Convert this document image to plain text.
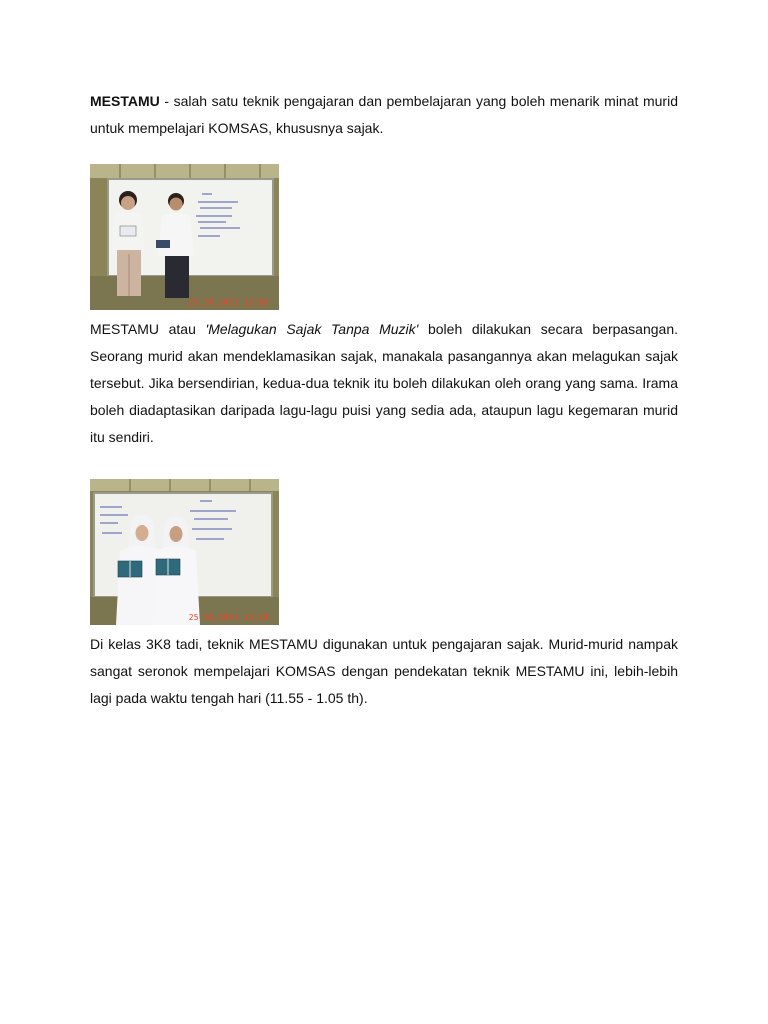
MESTAMU - salah satu teknik pengajaran dan pembelajaran yang boleh menarik minat murid untuk mempelajari KOMSAS, khususnya sajak.

25.10.2011 12:05

MESTAMU atau 'Melagukan Sajak Tanpa Muzik' boleh dilakukan secara berpasangan. Seorang murid akan mendeklamasikan sajak, manakala pasangannya akan melagukan sajak tersebut. Jika bersendirian, kedua-dua teknik itu boleh dilakukan oleh orang yang sama. Irama boleh diadaptasikan daripada lagu-lagu puisi yang sedia ada, ataupun lagu kegemaran murid itu sendiri.

25.10.2011 12:10

Di kelas 3K8 tadi, teknik MESTAMU digunakan untuk pengajaran sajak. Murid-murid nampak sangat seronok mempelajari KOMSAS dengan pendekatan teknik MESTAMU ini, lebih-lebih lagi pada waktu tengah hari (11.55 - 1.05 th).
